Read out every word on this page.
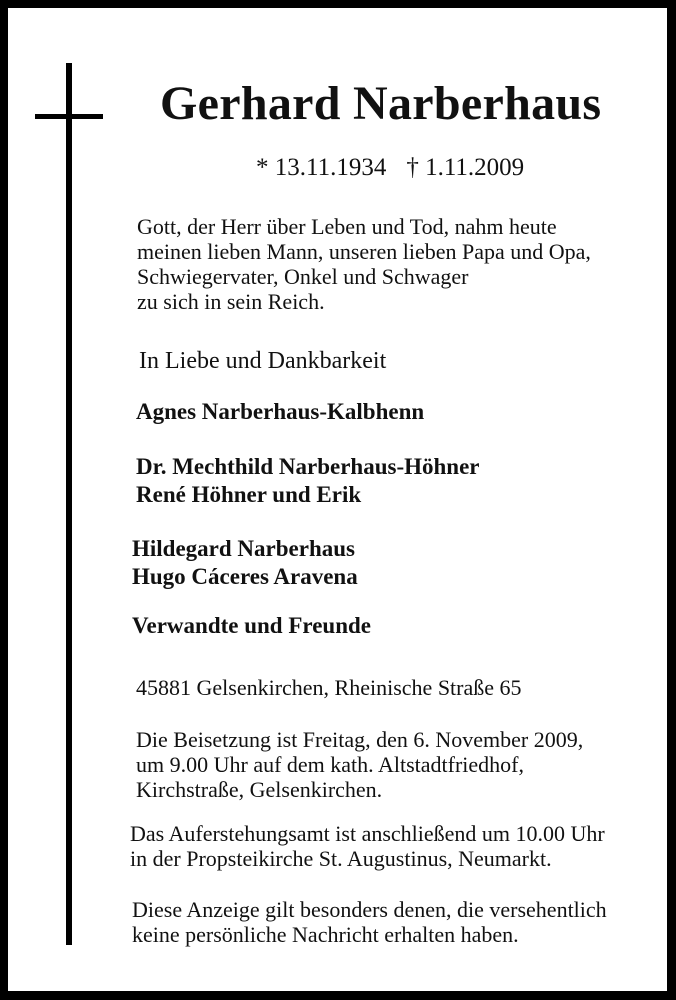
Gerhard Narberhaus
* 13.11.1934 † 1.11.2009
Gott, der Herr über Leben und Tod, nahm heute
meinen lieben Mann, unseren lieben Papa und Opa,
Schwiegervater, Onkel und Schwager
zu sich in sein Reich.
In Liebe und Dankbarkeit
Agnes Narberhaus-Kalbhenn
Dr. Mechthild Narberhaus-Höhner
René Höhner und Erik
Hildegard Narberhaus
Hugo Cáceres Aravena
Verwandte und Freunde
45881 Gelsenkirchen, Rheinische Straße 65
Die Beisetzung ist Freitag, den 6. November 2009,
um 9.00 Uhr auf dem kath. Altstadtfriedhof,
Kirchstraße, Gelsenkirchen.
Das Auferstehungsamt ist anschließend um 10.00 Uhr
in der Propsteikirche St. Augustinus, Neumarkt.
Diese Anzeige gilt besonders denen, die versehentlich
keine persönliche Nachricht erhalten haben.
